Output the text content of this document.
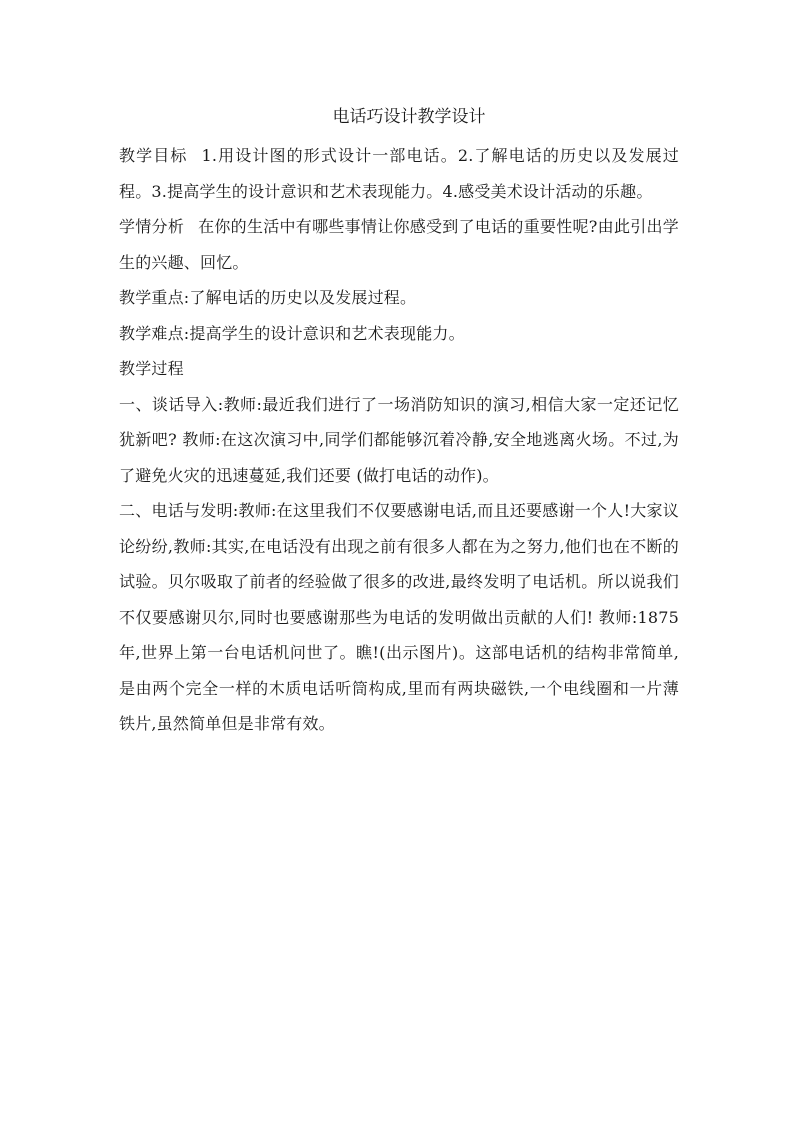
电话巧设计教学设计

教学目标 1.用设计图的形式设计一部电话。2.了解电话的历史以及发展过程。3.提高学生的设计意识和艺术表现能力。4.感受美术设计活动的乐趣。

学情分析 在你的生活中有哪些事情让你感受到了电话的重要性呢?由此引出学生的兴趣、回忆。

教学重点:了解电话的历史以及发展过程。

教学难点:提高学生的设计意识和艺术表现能力。

教学过程

一、谈话导入:教师:最近我们进行了一场消防知识的演习,相信大家一定还记忆犹新吧? 教师:在这次演习中,同学们都能够沉着冷静,安全地逃离火场。不过,为了避免火灾的迅速蔓延,我们还要 (做打电话的动作)。

二、电话与发明:教师:在这里我们不仅要感谢电话,而且还要感谢一个人!大家议论纷纷,教师:其实,在电话没有出现之前有很多人都在为之努力,他们也在不断的试验。贝尔吸取了前者的经验做了很多的改进,最终发明了电话机。所以说我们不仅要感谢贝尔,同时也要感谢那些为电话的发明做出贡献的人们! 教师:1875年,世界上第一台电话机问世了。瞧!(出示图片)。这部电话机的结构非常简单,是由两个完全一样的木质电话听筒构成,里而有两块磁铁,一个电线圈和一片薄铁片,虽然简单但是非常有效。
